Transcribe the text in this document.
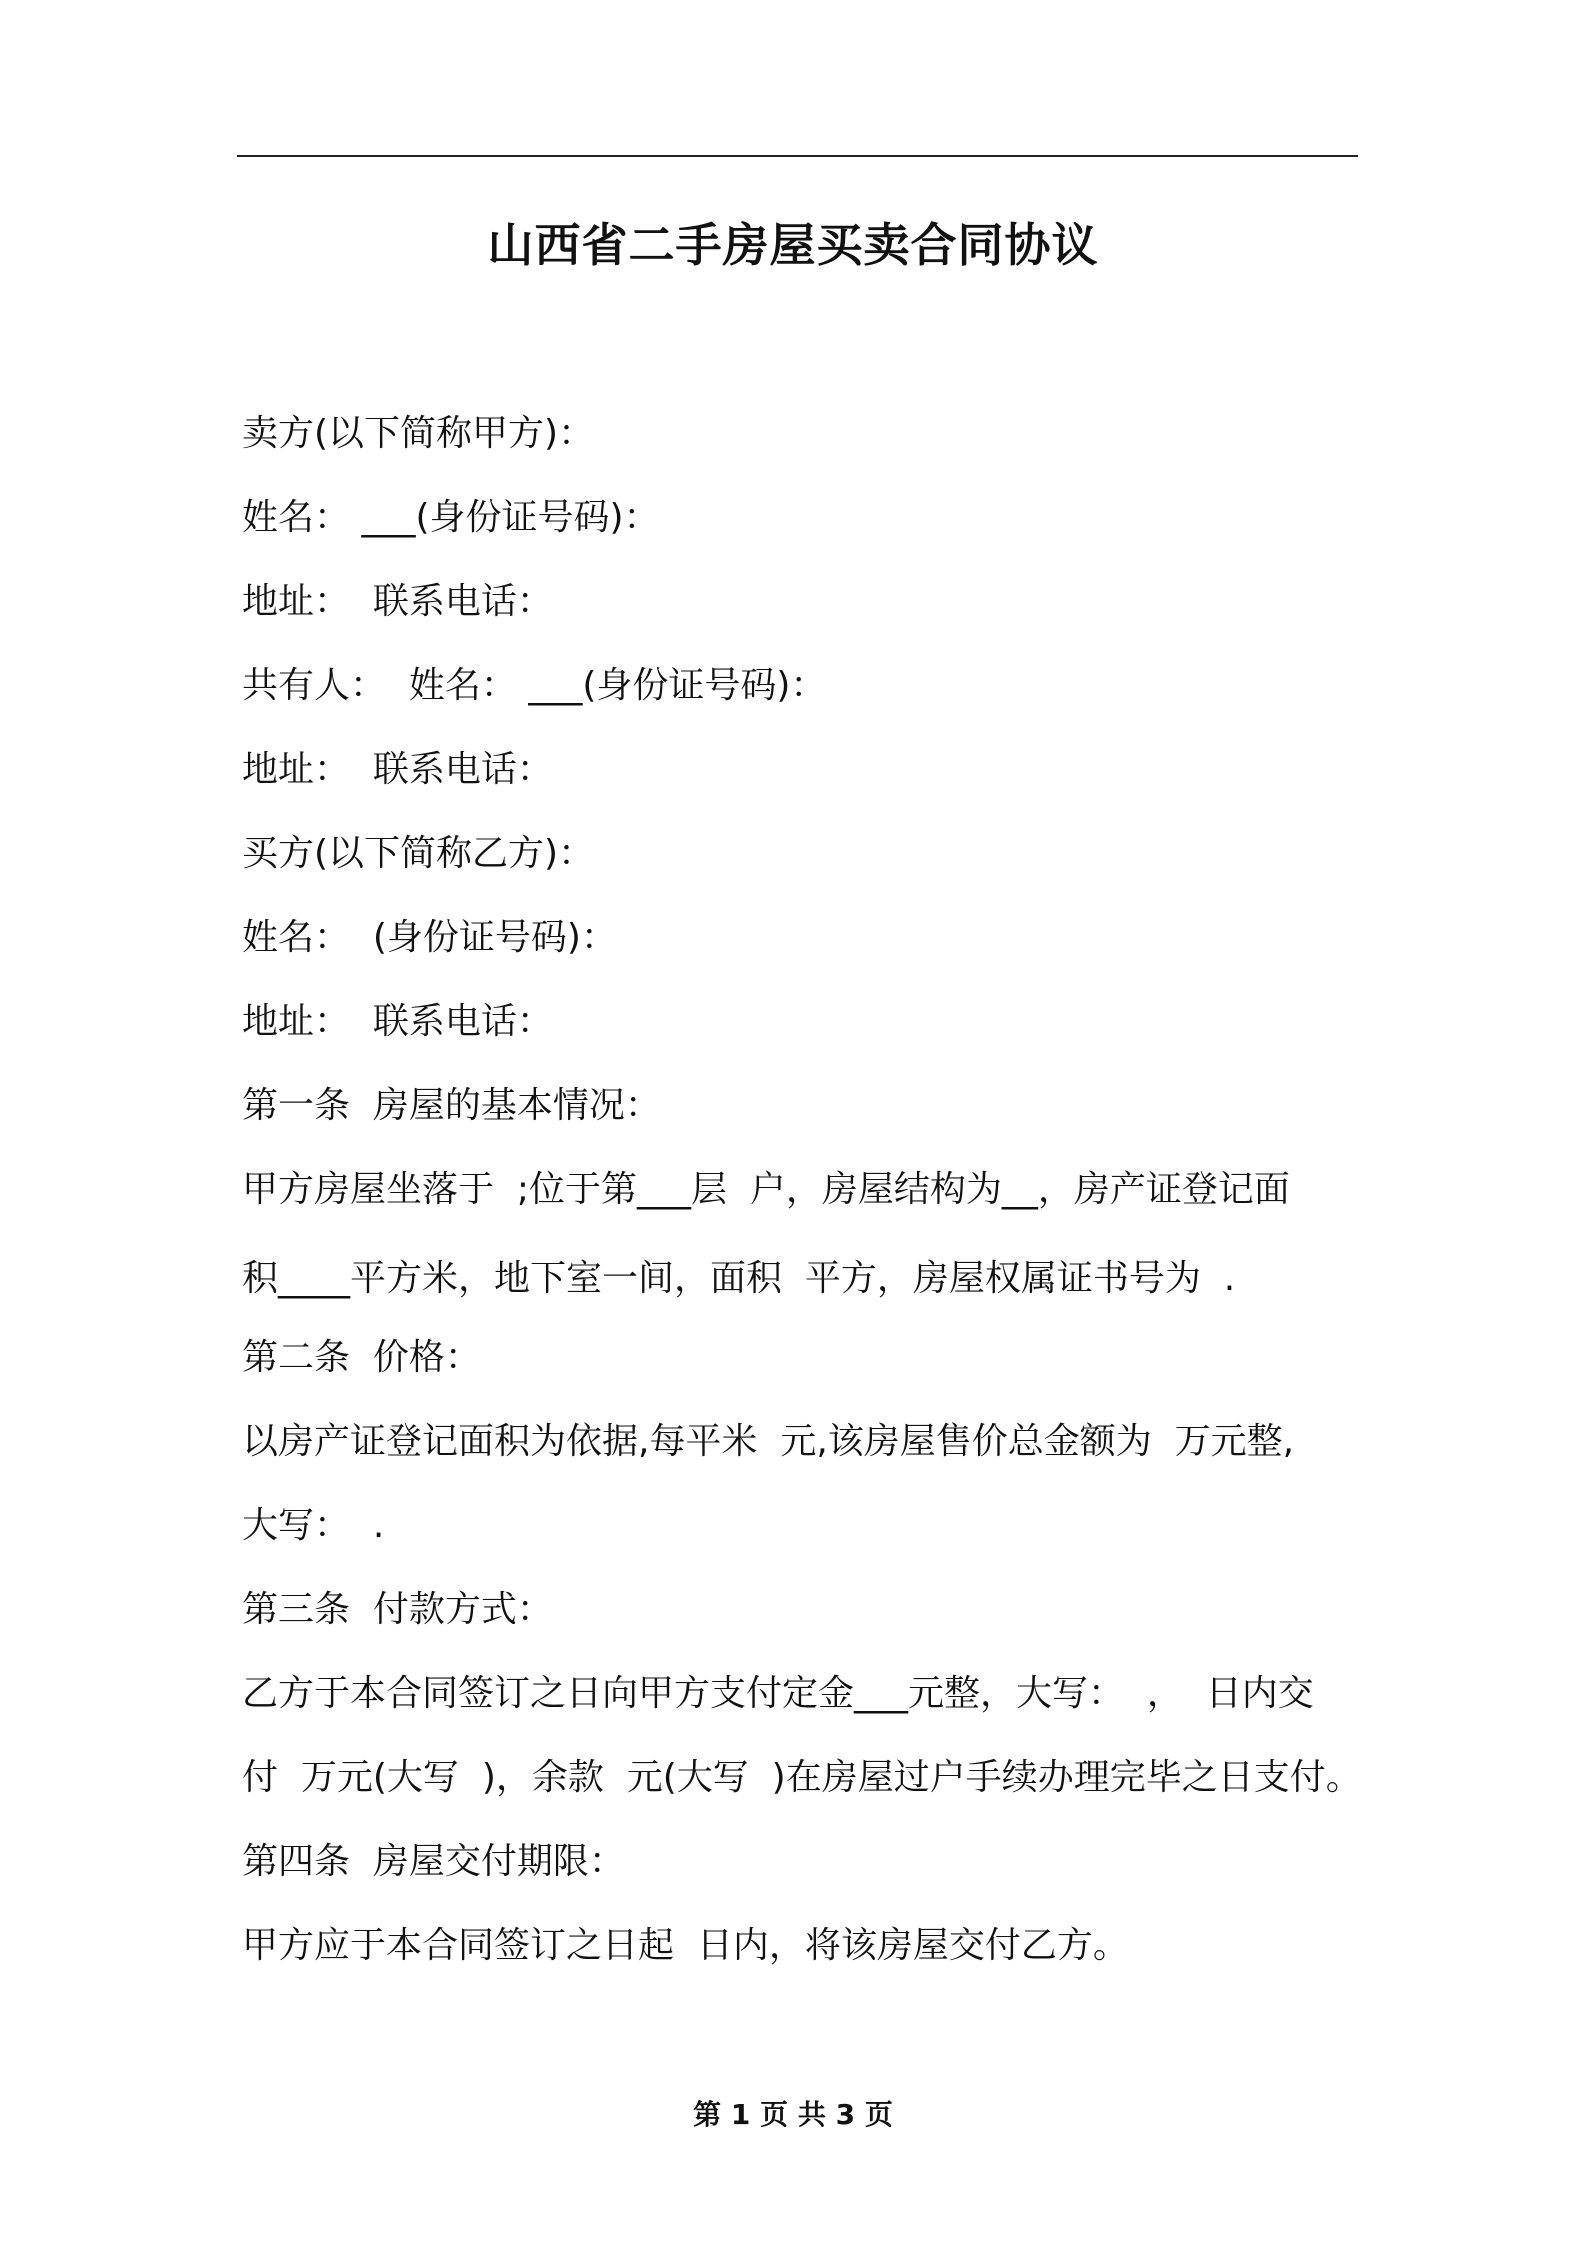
山西省二手房屋买卖合同协议
卖方(以下简称甲方)：
姓名： ___(身份证号码)：
地址：  联系电话：
共有人：  姓名： ___(身份证号码)：
地址：  联系电话：
买方(以下简称乙方)：
姓名：  (身份证号码)：
地址：  联系电话：
第一条  房屋的基本情况：
甲方房屋坐落于  ;位于第___层  户，房屋结构为__，房产证登记面
积____平方米，地下室一间，面积  平方，房屋权属证书号为  .
第二条  价格：
以房产证登记面积为依据,每平米  元,该房屋售价总金额为  万元整,
大写：  .
第三条  付款方式：
乙方于本合同签订之日向甲方支付定金___元整，大写：  ，  日内交
付  万元(大写  )，余款  元(大写  )在房屋过户手续办理完毕之日支付。
第四条  房屋交付期限：
甲方应于本合同签订之日起  日内，将该房屋交付乙方。
第 1 页 共 3 页
